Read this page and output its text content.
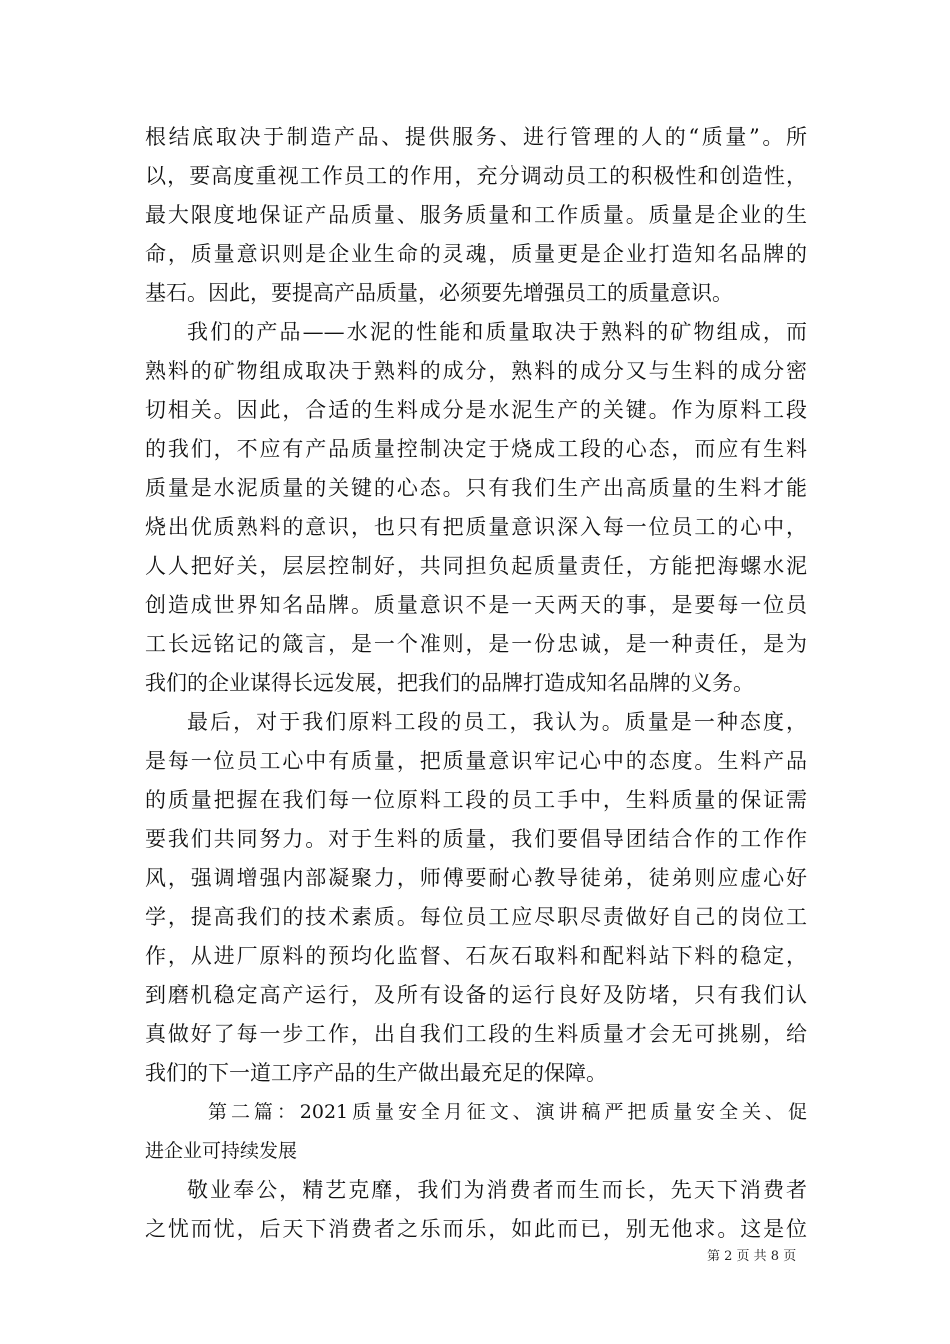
根结底取决于制造产品、提供服务、进行管理的人的“质量”。所
以，要高度重视工作员工的作用，充分调动员工的积极性和创造性，
最大限度地保证产品质量、服务质量和工作质量。质量是企业的生
命，质量意识则是企业生命的灵魂，质量更是企业打造知名品牌的
基石。因此，要提高产品质量，必须要先增强员工的质量意识。
我们的产品——水泥的性能和质量取决于熟料的矿物组成，而
熟料的矿物组成取决于熟料的成分，熟料的成分又与生料的成分密
切相关。因此，合适的生料成分是水泥生产的关键。作为原料工段
的我们，不应有产品质量控制决定于烧成工段的心态，而应有生料
质量是水泥质量的关键的心态。只有我们生产出高质量的生料才能
烧出优质熟料的意识，也只有把质量意识深入每一位员工的心中，
人人把好关，层层控制好，共同担负起质量责任，方能把海螺水泥
创造成世界知名品牌。质量意识不是一天两天的事，是要每一位员
工长远铭记的箴言，是一个准则，是一份忠诚，是一种责任，是为
我们的企业谋得长远发展，把我们的品牌打造成知名品牌的义务。
最后，对于我们原料工段的员工，我认为。质量是一种态度，
是每一位员工心中有质量，把质量意识牢记心中的态度。生料产品
的质量把握在我们每一位原料工段的员工手中，生料质量的保证需
要我们共同努力。对于生料的质量，我们要倡导团结合作的工作作
风，强调增强内部凝聚力，师傅要耐心教导徒弟，徒弟则应虚心好
学，提高我们的技术素质。每位员工应尽职尽责做好自己的岗位工
作，从进厂原料的预均化监督、石灰石取料和配料站下料的稳定，
到磨机稳定高产运行，及所有设备的运行良好及防堵，只有我们认
真做好了每一步工作，出自我们工段的生料质量才会无可挑剔，给
我们的下一道工序产品的生产做出最充足的保障。
第二篇：2021质量安全月征文、演讲稿严把质量安全关、促
进企业可持续发展
敬业奉公，精艺克靡，我们为消费者而生而长，先天下消费者
之忧而忧，后天下消费者之乐而乐，如此而已，别无他求。这是位
第 2 页 共 8 页
